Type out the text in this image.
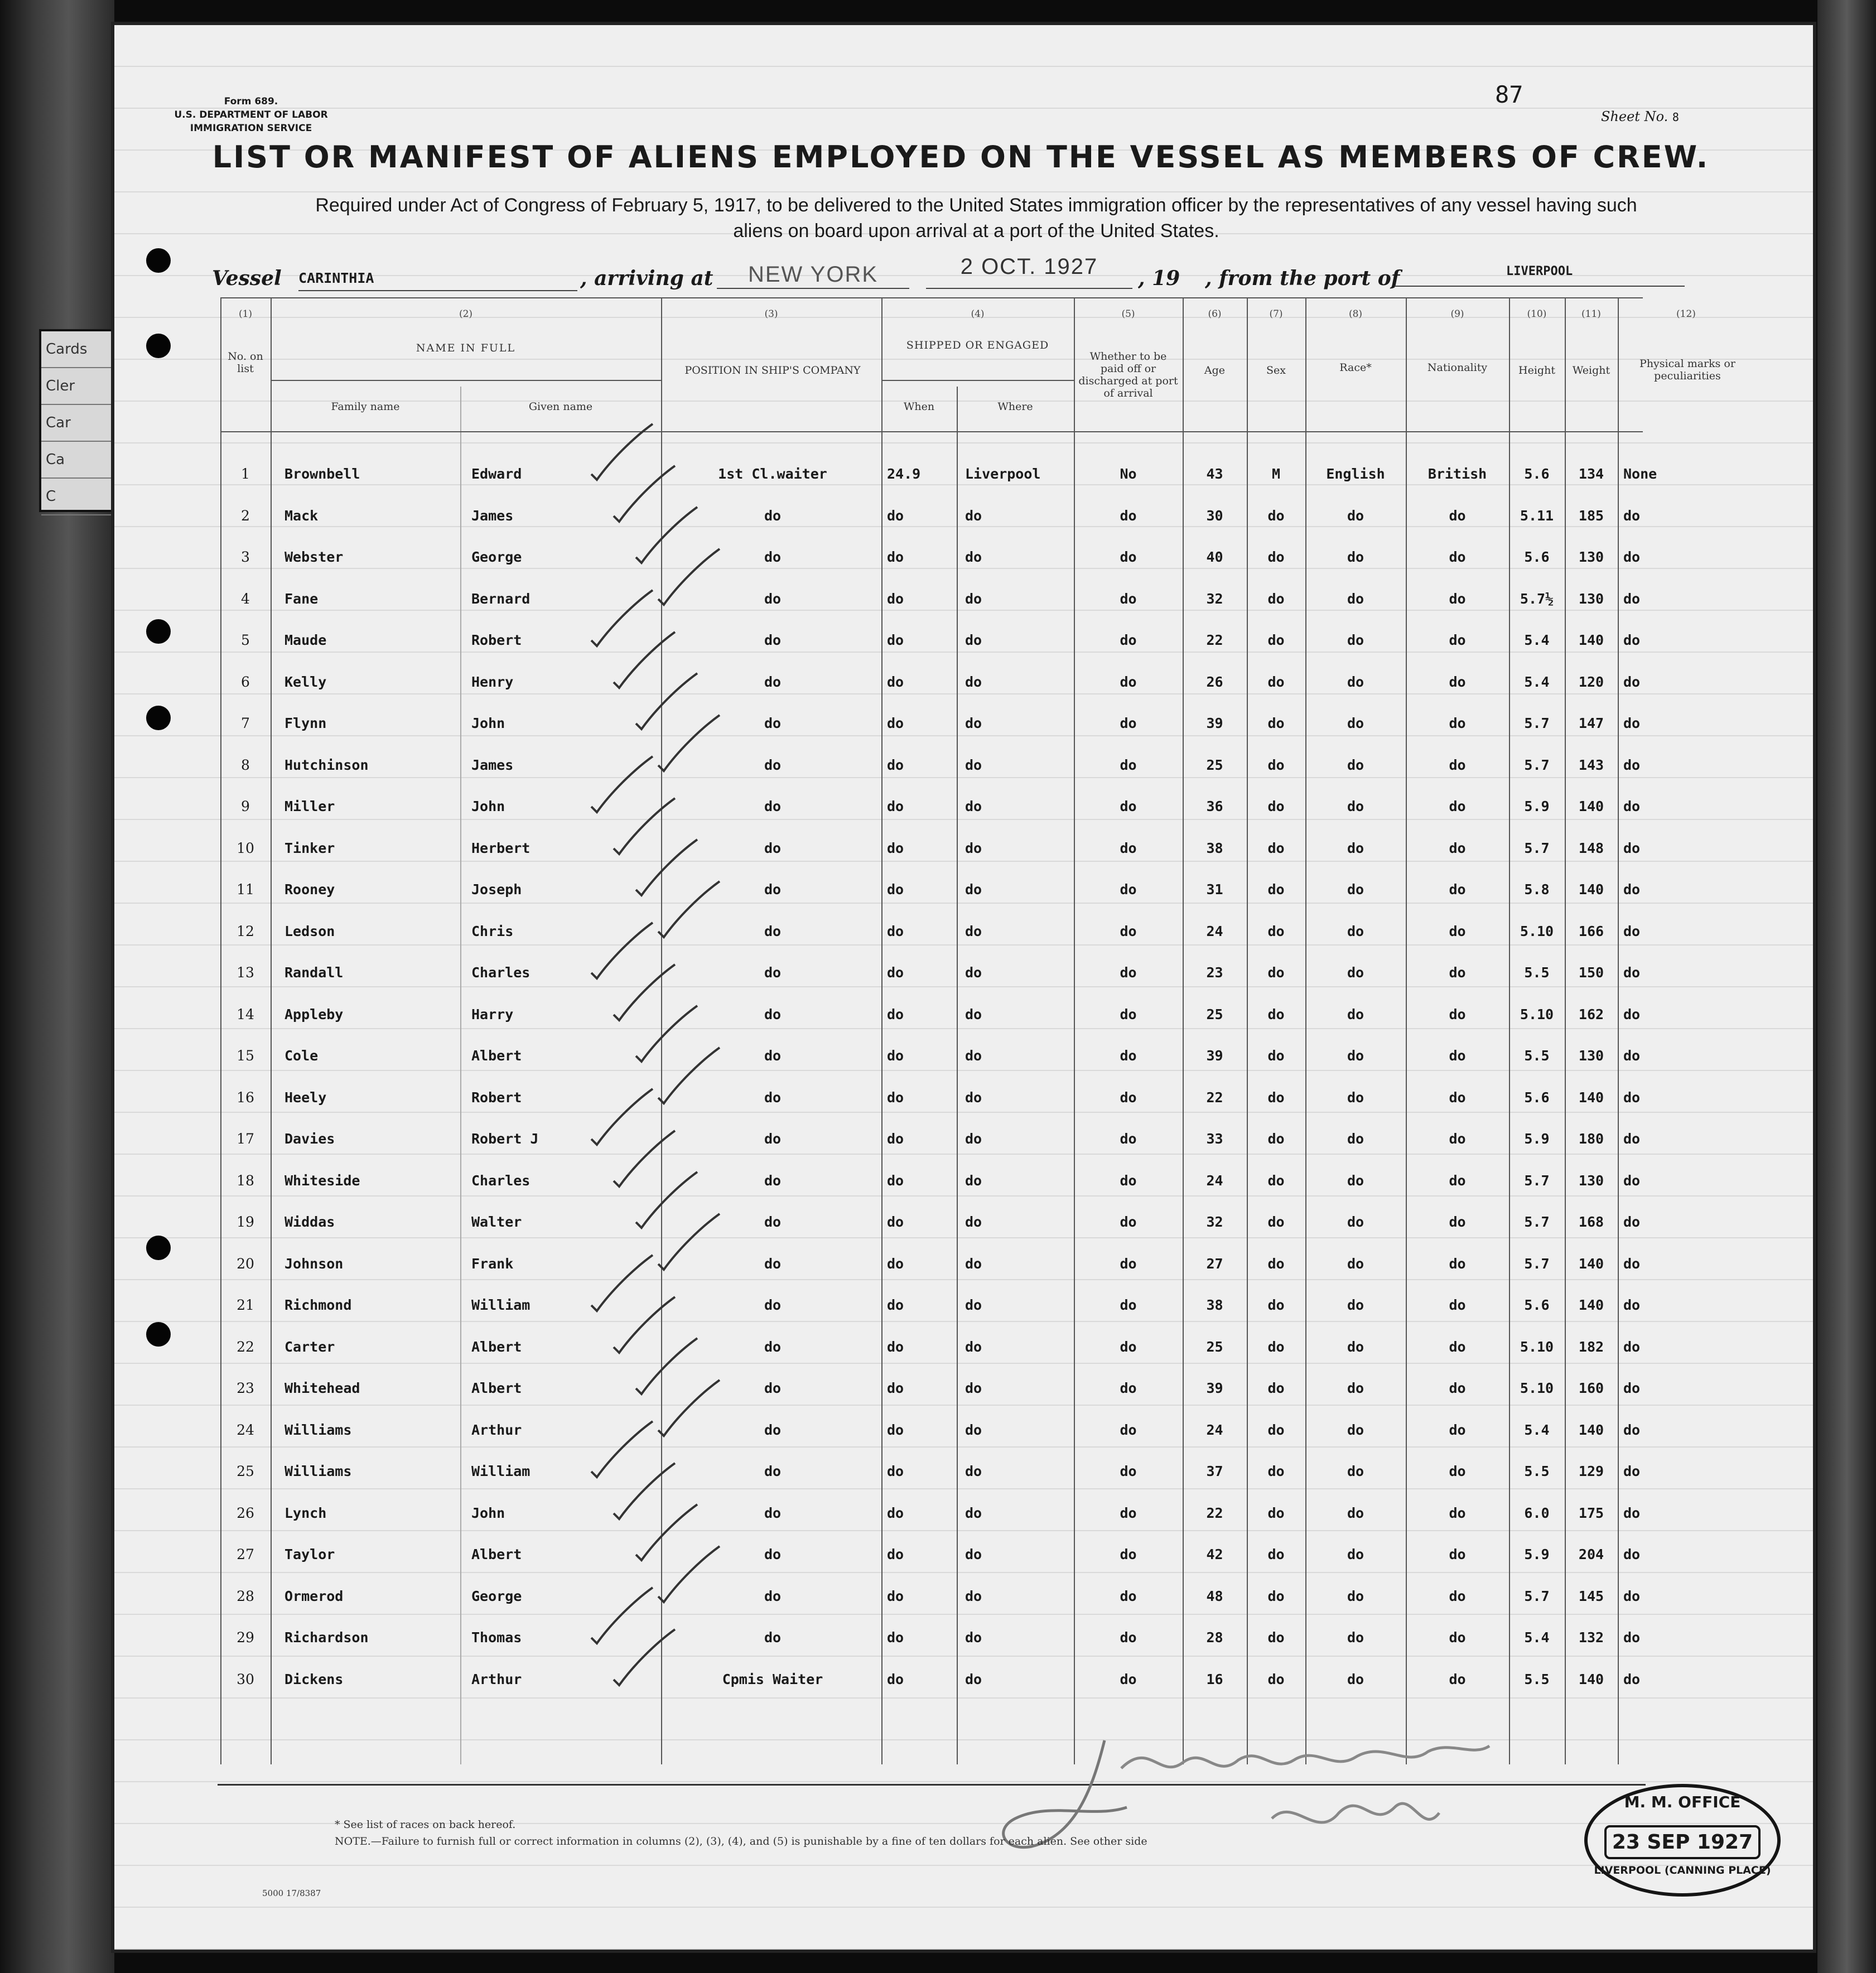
Cards
Cler
Car
Ca
C
Form 689.
U.S. DEPARTMENT OF LABOR
IMMIGRATION SERVICE
87
Sheet No. 8
LIST OR MANIFEST OF ALIENS EMPLOYED ON THE VESSEL AS MEMBERS OF CREW.
Required under Act of Congress of February 5, 1917, to be delivered to the United States immigration officer by the representatives of any vessel having such
aliens on board upon arrival at a port of the United States.
Vessel CARINTHIA	, arriving at	NEW YORK	2 OCT. 1927	, 19 , from the port of	LIVERPOOL
(1)	(2)	(3)	(4)	(5)	(6)	(7)	(8)	(9)	(10)	(11)	(12)
No. on list
NAME IN FULL
Family name	Given name
POSITION IN SHIP'S COMPANY
SHIPPED OR ENGAGED
When	Where
Whether to be paid off or discharged at port of arrival
Age	Sex	Race*	Nationality	Height	Weight
Physical marks or peculiarities
1	Brownbell	Edward	1st Cl.waiter	24.9	Liverpool	No	43	M	English	British	5.6	134	None
2	Mack	James	do	do	do	do	30	do	do	do	5.11	185	do
3	Webster	George	do	do	do	do	40	do	do	do	5.6	130	do
4	Fane	Bernard	do	do	do	do	32	do	do	do	5.7½	130	do
5	Maude	Robert	do	do	do	do	22	do	do	do	5.4	140	do
6	Kelly	Henry	do	do	do	do	26	do	do	do	5.4	120	do
7	Flynn	John	do	do	do	do	39	do	do	do	5.7	147	do
8	Hutchinson	James	do	do	do	do	25	do	do	do	5.7	143	do
9	Miller	John	do	do	do	do	36	do	do	do	5.9	140	do
10	Tinker	Herbert	do	do	do	do	38	do	do	do	5.7	148	do
11	Rooney	Joseph	do	do	do	do	31	do	do	do	5.8	140	do
12	Ledson	Chris	do	do	do	do	24	do	do	do	5.10	166	do
13	Randall	Charles	do	do	do	do	23	do	do	do	5.5	150	do
14	Appleby	Harry	do	do	do	do	25	do	do	do	5.10	162	do
15	Cole	Albert	do	do	do	do	39	do	do	do	5.5	130	do
16	Heely	Robert	do	do	do	do	22	do	do	do	5.6	140	do
17	Davies	Robert J	do	do	do	do	33	do	do	do	5.9	180	do
18	Whiteside	Charles	do	do	do	do	24	do	do	do	5.7	130	do
19	Widdas	Walter	do	do	do	do	32	do	do	do	5.7	168	do
20	Johnson	Frank	do	do	do	do	27	do	do	do	5.7	140	do
21	Richmond	William	do	do	do	do	38	do	do	do	5.6	140	do
22	Carter	Albert	do	do	do	do	25	do	do	do	5.10	182	do
23	Whitehead	Albert	do	do	do	do	39	do	do	do	5.10	160	do
24	Williams	Arthur	do	do	do	do	24	do	do	do	5.4	140	do
25	Williams	William	do	do	do	do	37	do	do	do	5.5	129	do
26	Lynch	John	do	do	do	do	22	do	do	do	6.0	175	do
27	Taylor	Albert	do	do	do	do	42	do	do	do	5.9	204	do
28	Ormerod	George	do	do	do	do	48	do	do	do	5.7	145	do
29	Richardson	Thomas	do	do	do	do	28	do	do	do	5.4	132	do
30	Dickens	Arthur	Cpmis Waiter	do	do	do	16	do	do	do	5.5	140	do
* See list of races on back hereof.
NOTE.—Failure to furnish full or correct information in columns (2), (3), (4), and (5) is punishable by a fine of ten dollars for each alien. See other side
5000 17/8387
M. M. OFFICE
23 SEP 1927
LIVERPOOL (CANNING PLACE)
